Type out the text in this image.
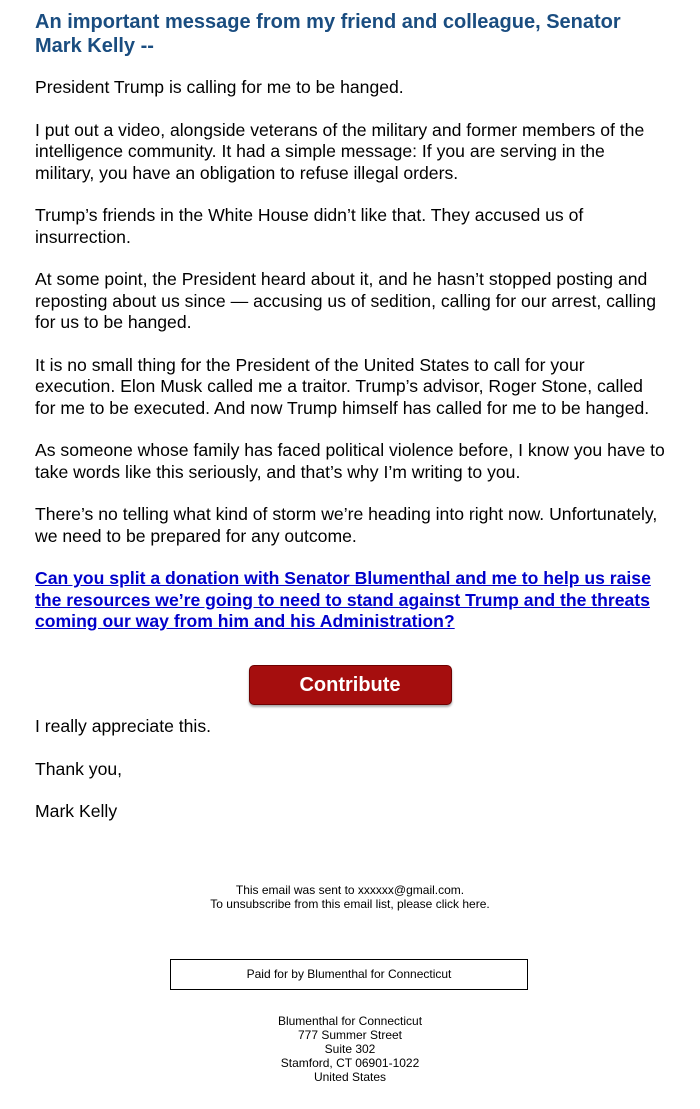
An important message from my friend and colleague, Senator Mark Kelly --

President Trump is calling for me to be hanged.

I put out a video, alongside veterans of the military and former members of the intelligence community. It had a simple message: If you are serving in the military, you have an obligation to refuse illegal orders.

Trump’s friends in the White House didn’t like that. They accused us of insurrection.

At some point, the President heard about it, and he hasn’t stopped posting and reposting about us since — accusing us of sedition, calling for our arrest, calling for us to be hanged.

It is no small thing for the President of the United States to call for your execution. Elon Musk called me a traitor. Trump’s advisor, Roger Stone, called for me to be executed. And now Trump himself has called for me to be hanged.

As someone whose family has faced political violence before, I know you have to take words like this seriously, and that’s why I’m writing to you.

There’s no telling what kind of storm we’re heading into right now. Unfortunately, we need to be prepared for any outcome.

Can you split a donation with Senator Blumenthal and me to help us raise the resources we’re going to need to stand against Trump and the threats coming our way from him and his Administration?
Contribute

I really appreciate this.

Thank you,

Mark Kelly

This email was sent to xxxxxx@gmail.com.
To unsubscribe from this email list, please click here.
Paid for by Blumenthal for Connecticut
Blumenthal for Connecticut
777 Summer Street
Suite 302
Stamford, CT 06901-1022
United States
